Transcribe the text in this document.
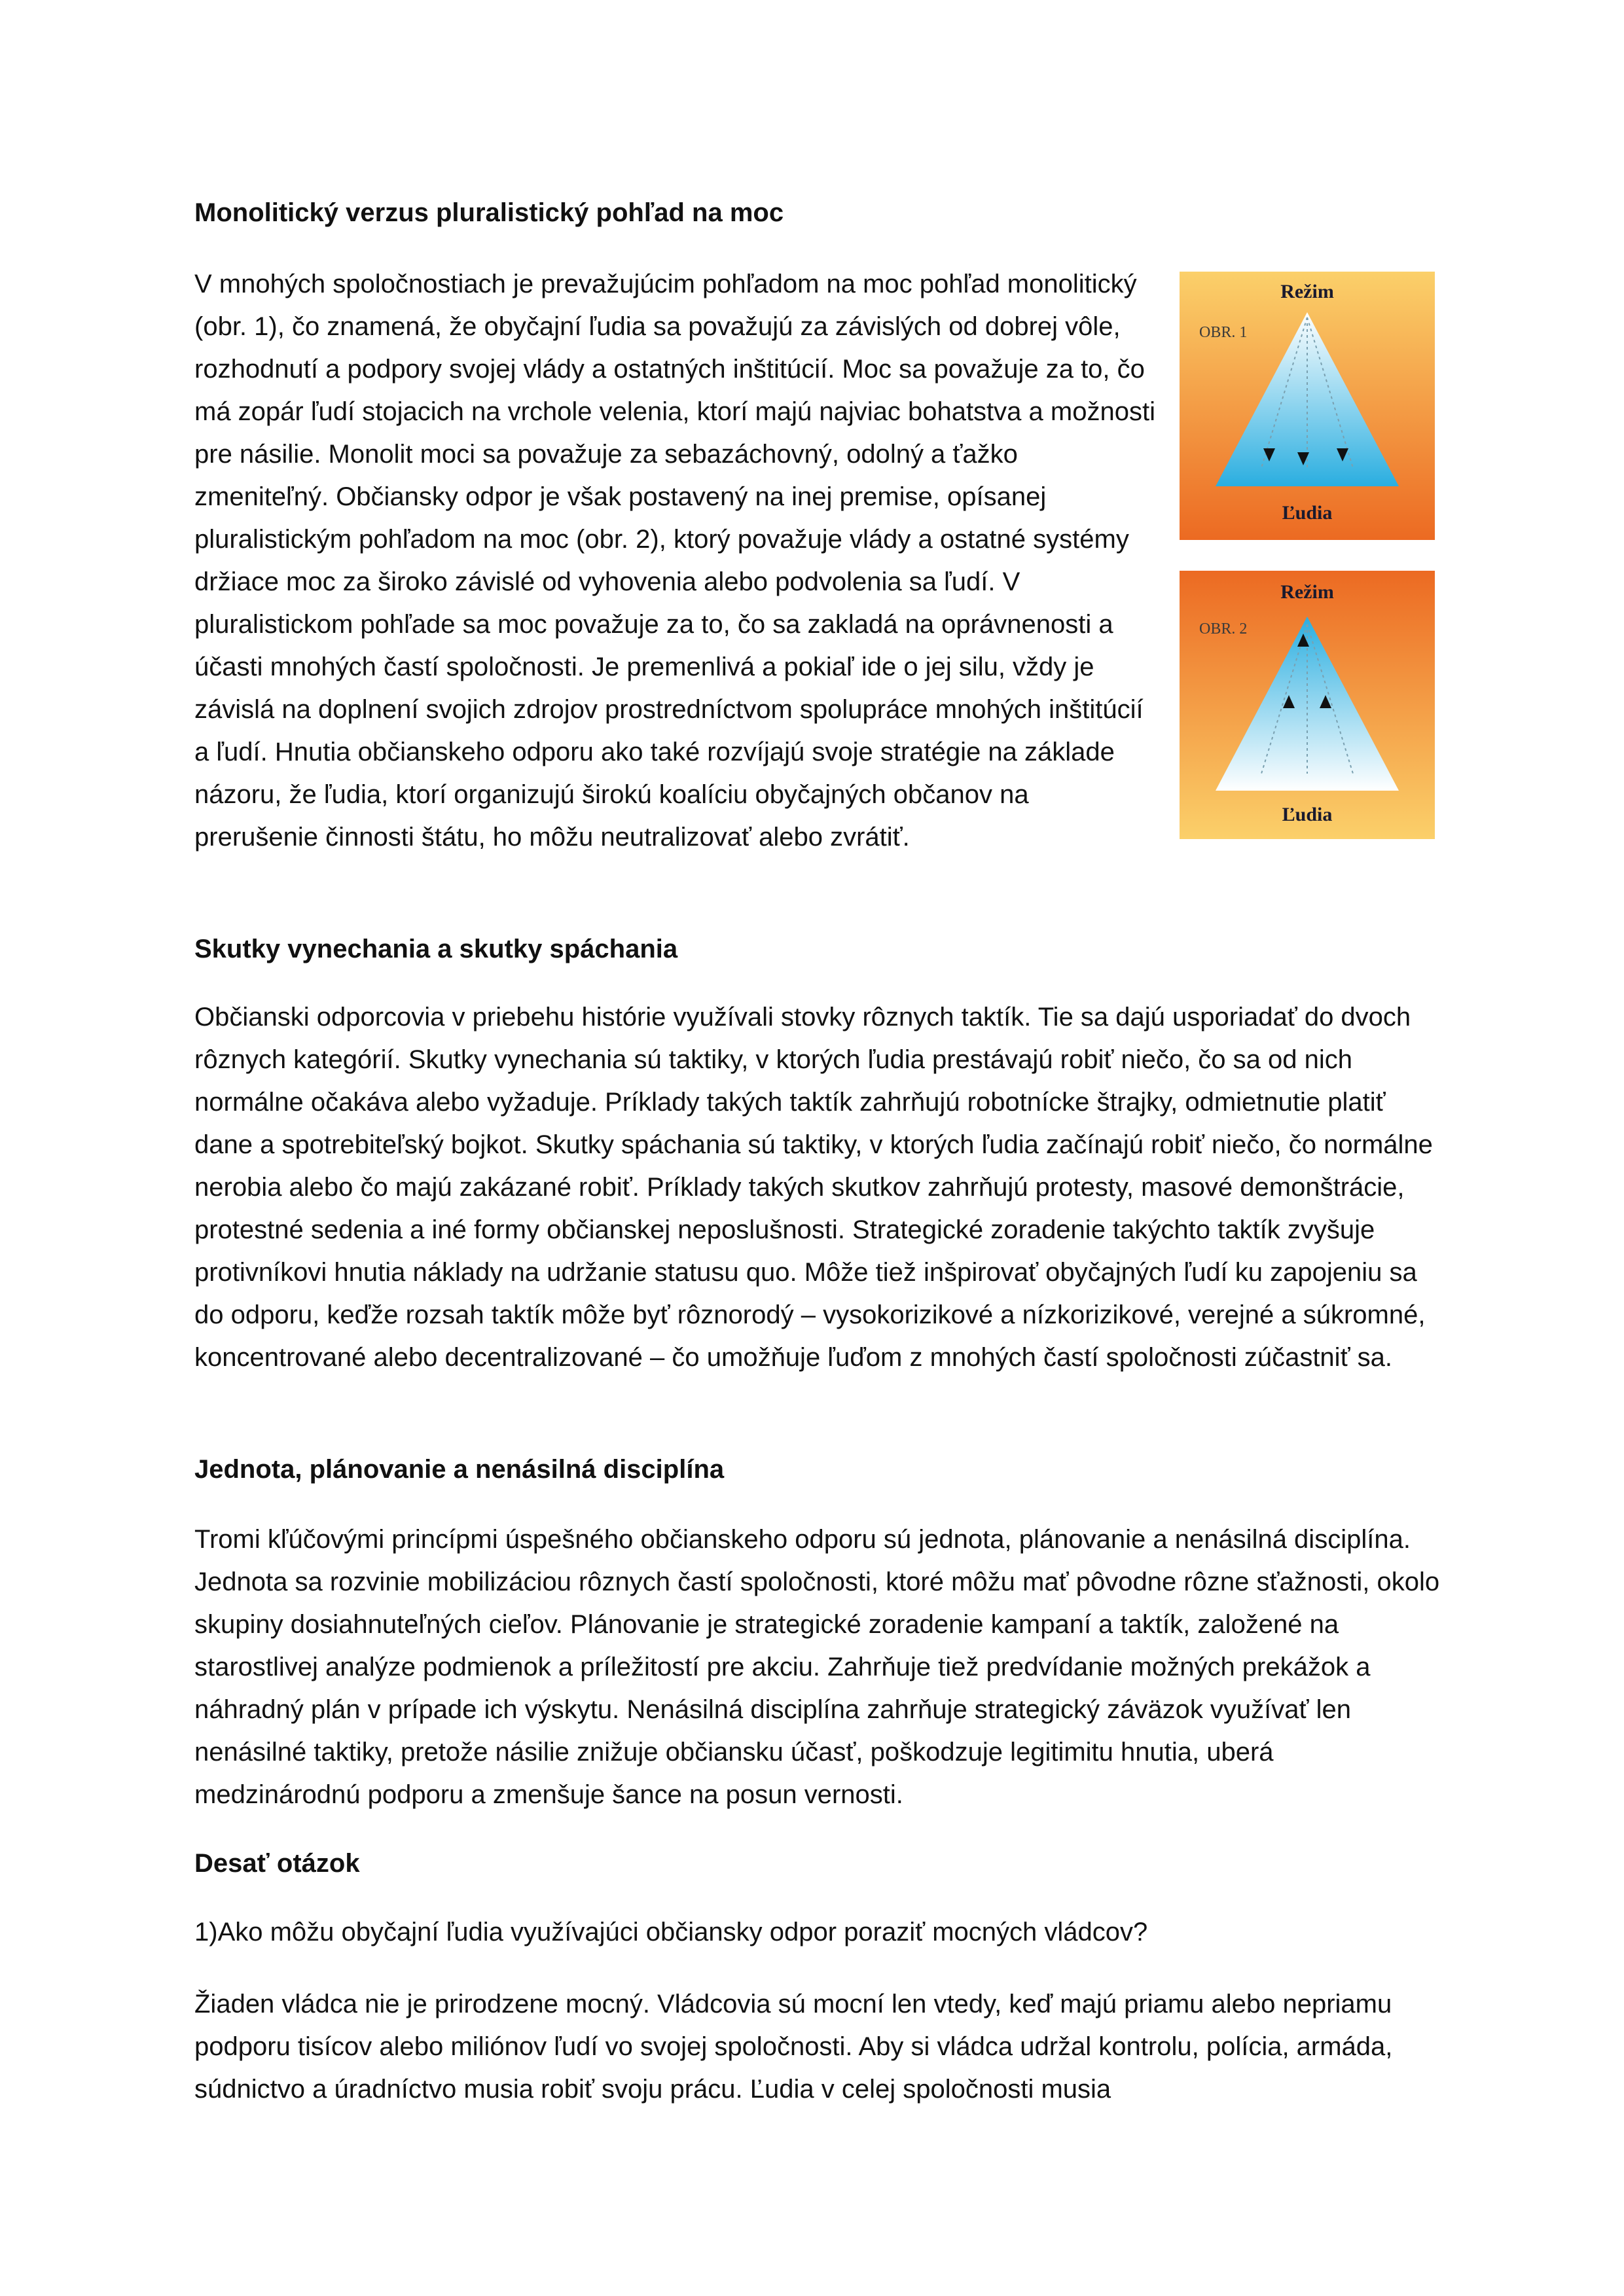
Monolitický verzus pluralistický pohľad na moc

V mnohých spoločnostiach je prevažujúcim pohľadom na moc pohľad monolitický (obr. 1), čo znamená, že obyčajní ľudia sa považujú za závislých od dobrej vôle, rozhodnutí a podpory svojej vlády a ostatných inštitúcií. Moc sa považuje za to, čo má zopár ľudí stojacich na vrchole velenia, ktorí majú najviac bohatstva a možnosti pre násilie. Monolit moci sa považuje za sebazáchovný, odolný a ťažko zmeniteľný. Občiansky odpor je však postavený na inej premise, opísanej pluralistickým pohľadom na moc (obr. 2), ktorý považuje vlády a ostatné systémy držiace moc za široko závislé od vyhovenia alebo podvolenia sa ľudí. V pluralistickom pohľade sa moc považuje za to, čo sa zakladá na oprávnenosti a účasti mnohých častí spoločnosti. Je premenlivá a pokiaľ ide o jej silu, vždy je závislá na doplnení svojich zdrojov prostredníctvom spolupráce mnohých inštitúcií a ľudí. Hnutia občianskeho odporu ako také rozvíjajú svoje stratégie na základe názoru, že ľudia, ktorí organizujú širokú koalíciu obyčajných občanov na prerušenie činnosti štátu, ho môžu neutralizovať alebo zvrátiť.

Režim
OBR. 1
Ľudia
Režim
OBR. 2
Ľudia
Skutky vynechania a skutky spáchania

Občianski odporcovia v priebehu histórie využívali stovky rôznych taktík. Tie sa dajú usporiadať do dvoch rôznych kategórií. Skutky vynechania sú taktiky, v ktorých ľudia prestávajú robiť niečo, čo sa od nich normálne očakáva alebo vyžaduje. Príklady takých taktík zahrňujú robotnícke štrajky, odmietnutie platiť dane a spotrebiteľský bojkot. Skutky spáchania sú taktiky, v ktorých ľudia začínajú robiť niečo, čo normálne nerobia alebo čo majú zakázané robiť. Príklady takých skutkov zahrňujú protesty, masové demonštrácie, protestné sedenia a iné formy občianskej neposlušnosti. Strategické zoradenie takýchto taktík zvyšuje protivníkovi hnutia náklady na udržanie statusu quo. Môže tiež inšpirovať obyčajných ľudí ku zapojeniu sa do odporu, keďže rozsah taktík môže byť rôznorodý – vysokorizikové a nízkorizikové, verejné a súkromné, koncentrované alebo decentralizované – čo umožňuje ľuďom z mnohých častí spoločnosti zúčastniť sa.

Jednota, plánovanie a nenásilná disciplína

Tromi kľúčovými princípmi úspešného občianskeho odporu sú jednota, plánovanie a nenásilná disciplína. Jednota sa rozvinie mobilizáciou rôznych častí spoločnosti, ktoré môžu mať pôvodne rôzne sťažnosti, okolo skupiny dosiahnuteľných cieľov. Plánovanie je strategické zoradenie kampaní a taktík, založené na starostlivej analýze podmienok a príležitostí pre akciu. Zahrňuje tiež predvídanie možných prekážok a náhradný plán v prípade ich výskytu. Nenásilná disciplína zahrňuje strategický záväzok využívať len nenásilné taktiky, pretože násilie znižuje občiansku účasť, poškodzuje legitimitu hnutia, uberá medzinárodnú podporu a zmenšuje šance na posun vernosti.

Desať otázok

1)Ako môžu obyčajní ľudia využívajúci občiansky odpor poraziť mocných vládcov?

Žiaden vládca nie je prirodzene mocný. Vládcovia sú mocní len vtedy, keď majú priamu alebo nepriamu podporu tisícov alebo miliónov ľudí vo svojej spoločnosti. Aby si vládca udržal kontrolu, polícia, armáda, súdnictvo a úradníctvo musia robiť svoju prácu. Ľudia v celej spoločnosti musia
